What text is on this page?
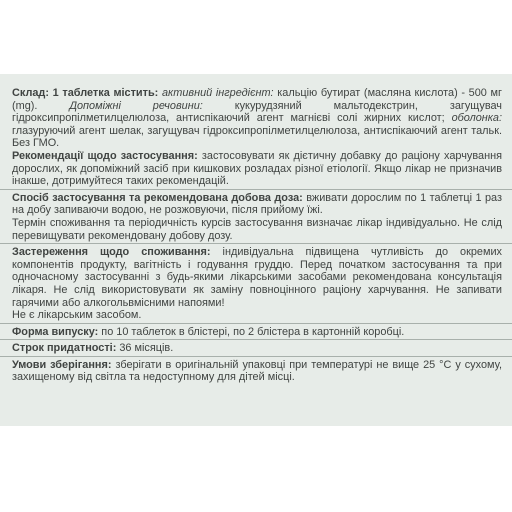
Склад: 1 таблетка містить: активний інгредієнт: кальцію бутират (масляна кислота) - 500 мг (mg).	Допоміжні речовини:	кукурудзяний мальтодекстрин, загущувач гідроксипропілметилцелюлоза, антиспікаючий агент магнієві солі жирних кислот; оболонка: глазуруючий агент шелак, загущувач гідроксипропілметилцелюлоза, антиспікаючий агент тальк. Без ГМО.

Рекомендації щодо застосування: застосовувати як дієтичну добавку до раціону харчування дорослих, як допоміжний засіб при кишкових розладах різної етіології. Якщо лікар не призначив інакше, дотримуйтеся таких рекомендацій.

Спосіб застосування та рекомендована добова доза: вживати дорослим по 1 таблетці 1 раз на добу запиваючи водою, не розжовуючи, після прийому їжі.

Термін споживання та періодичність курсів застосування визначає лікар індивідуально. Не слід перевищувати рекомендовану добову дозу.

Застереження щодо споживання: індивідуальна підвищена чутливість до окремих компонентів продукту, вагітність і годування груддю. Перед початком застосування та при одночасному застосуванні з будь-якими лікарськими засобами рекомендована консультація лікаря. Не слід використовувати як заміну повноцінного раціону харчування. Не запивати гарячими або алкогольвмісними напоями!

Не є лікарським засобом.

Форма випуску: по 10 таблеток в блістері, по 2 блістера в картонній коробці.

Строк придатності: 36 місяців.

Умови зберігання: зберігати в оригінальній упаковці при температурі не вище 25 °С у сухому, захищеному від світла та недоступному для дітей місці.
